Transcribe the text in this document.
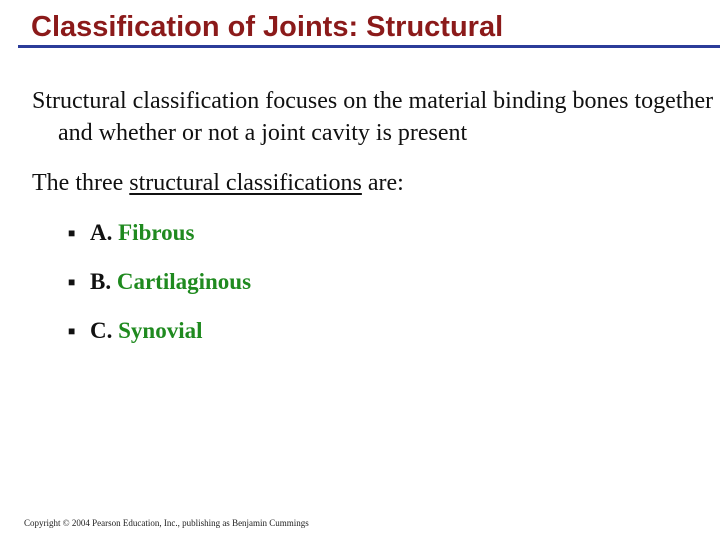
Classification of Joints: Structural

Structural classification focuses on the material binding bones together and whether or not a joint cavity is present

The three structural classifications are:

■ A. Fibrous
■ B. Cartilaginous
■ C. Synovial

Copyright © 2004 Pearson Education, Inc., publishing as Benjamin Cummings
